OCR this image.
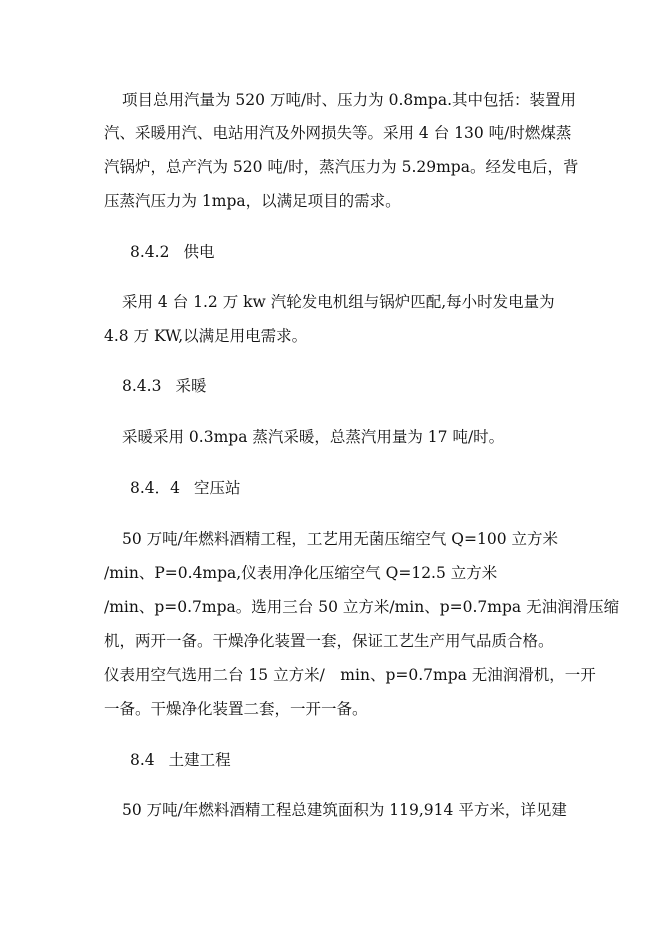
项目总用汽量为 520 万吨/时、压力为 0.8mpa.其中包括：装置用
汽、采暖用汽、电站用汽及外网损失等。采用 4 台 130 吨/时燃煤蒸
汽锅炉，总产汽为 520 吨/时，蒸汽压力为 5.29mpa。经发电后，背
压蒸汽压力为 1mpa，以满足项目的需求。
8.4.2 供电
采用 4 台 1.2 万 kw 汽轮发电机组与锅炉匹配,每小时发电量为
4.8 万 KW,以满足用电需求。
8.4.3 采暖
采暖采用 0.3mpa 蒸汽采暖，总蒸汽用量为 17 吨/时。
8.4．4 空压站
50 万吨/年燃料酒精工程，工艺用无菌压缩空气 Q=100 立方米
/min、P=0.4mpa,仪表用净化压缩空气 Q=12.5 立方米
/min、p=0.7mpa。选用三台 50 立方米/min、p=0.7mpa 无油润滑压缩
机，两开一备。干燥净化装置一套，保证工艺生产用气品质合格。
仪表用空气选用二台 15 立方米/　min、p=0.7mpa 无油润滑机，一开
一备。干燥净化装置二套，一开一备。
8.4 土建工程
50 万吨/年燃料酒精工程总建筑面积为 119,914 平方米，详见建
